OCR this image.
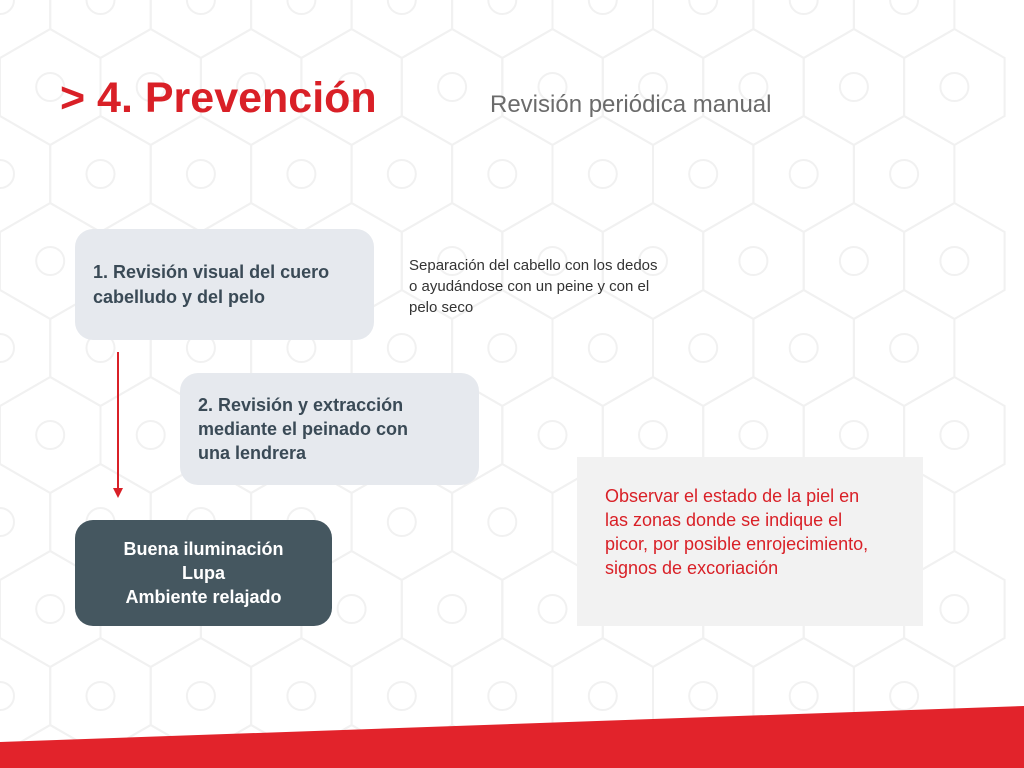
> 4. Prevención	Revisión periódica manual
1. Revisión visual del cuero
cabelludo y del pelo
Separación del cabello con los dedos
o ayudándose con un peine y con el
pelo seco
2. Revisión y extracción
mediante el peinado con
una lendrera
Buena iluminación
Lupa
Ambiente relajado
Observar el estado de la piel en
las zonas donde se indique el
picor, por posible enrojecimiento,
signos de excoriación
